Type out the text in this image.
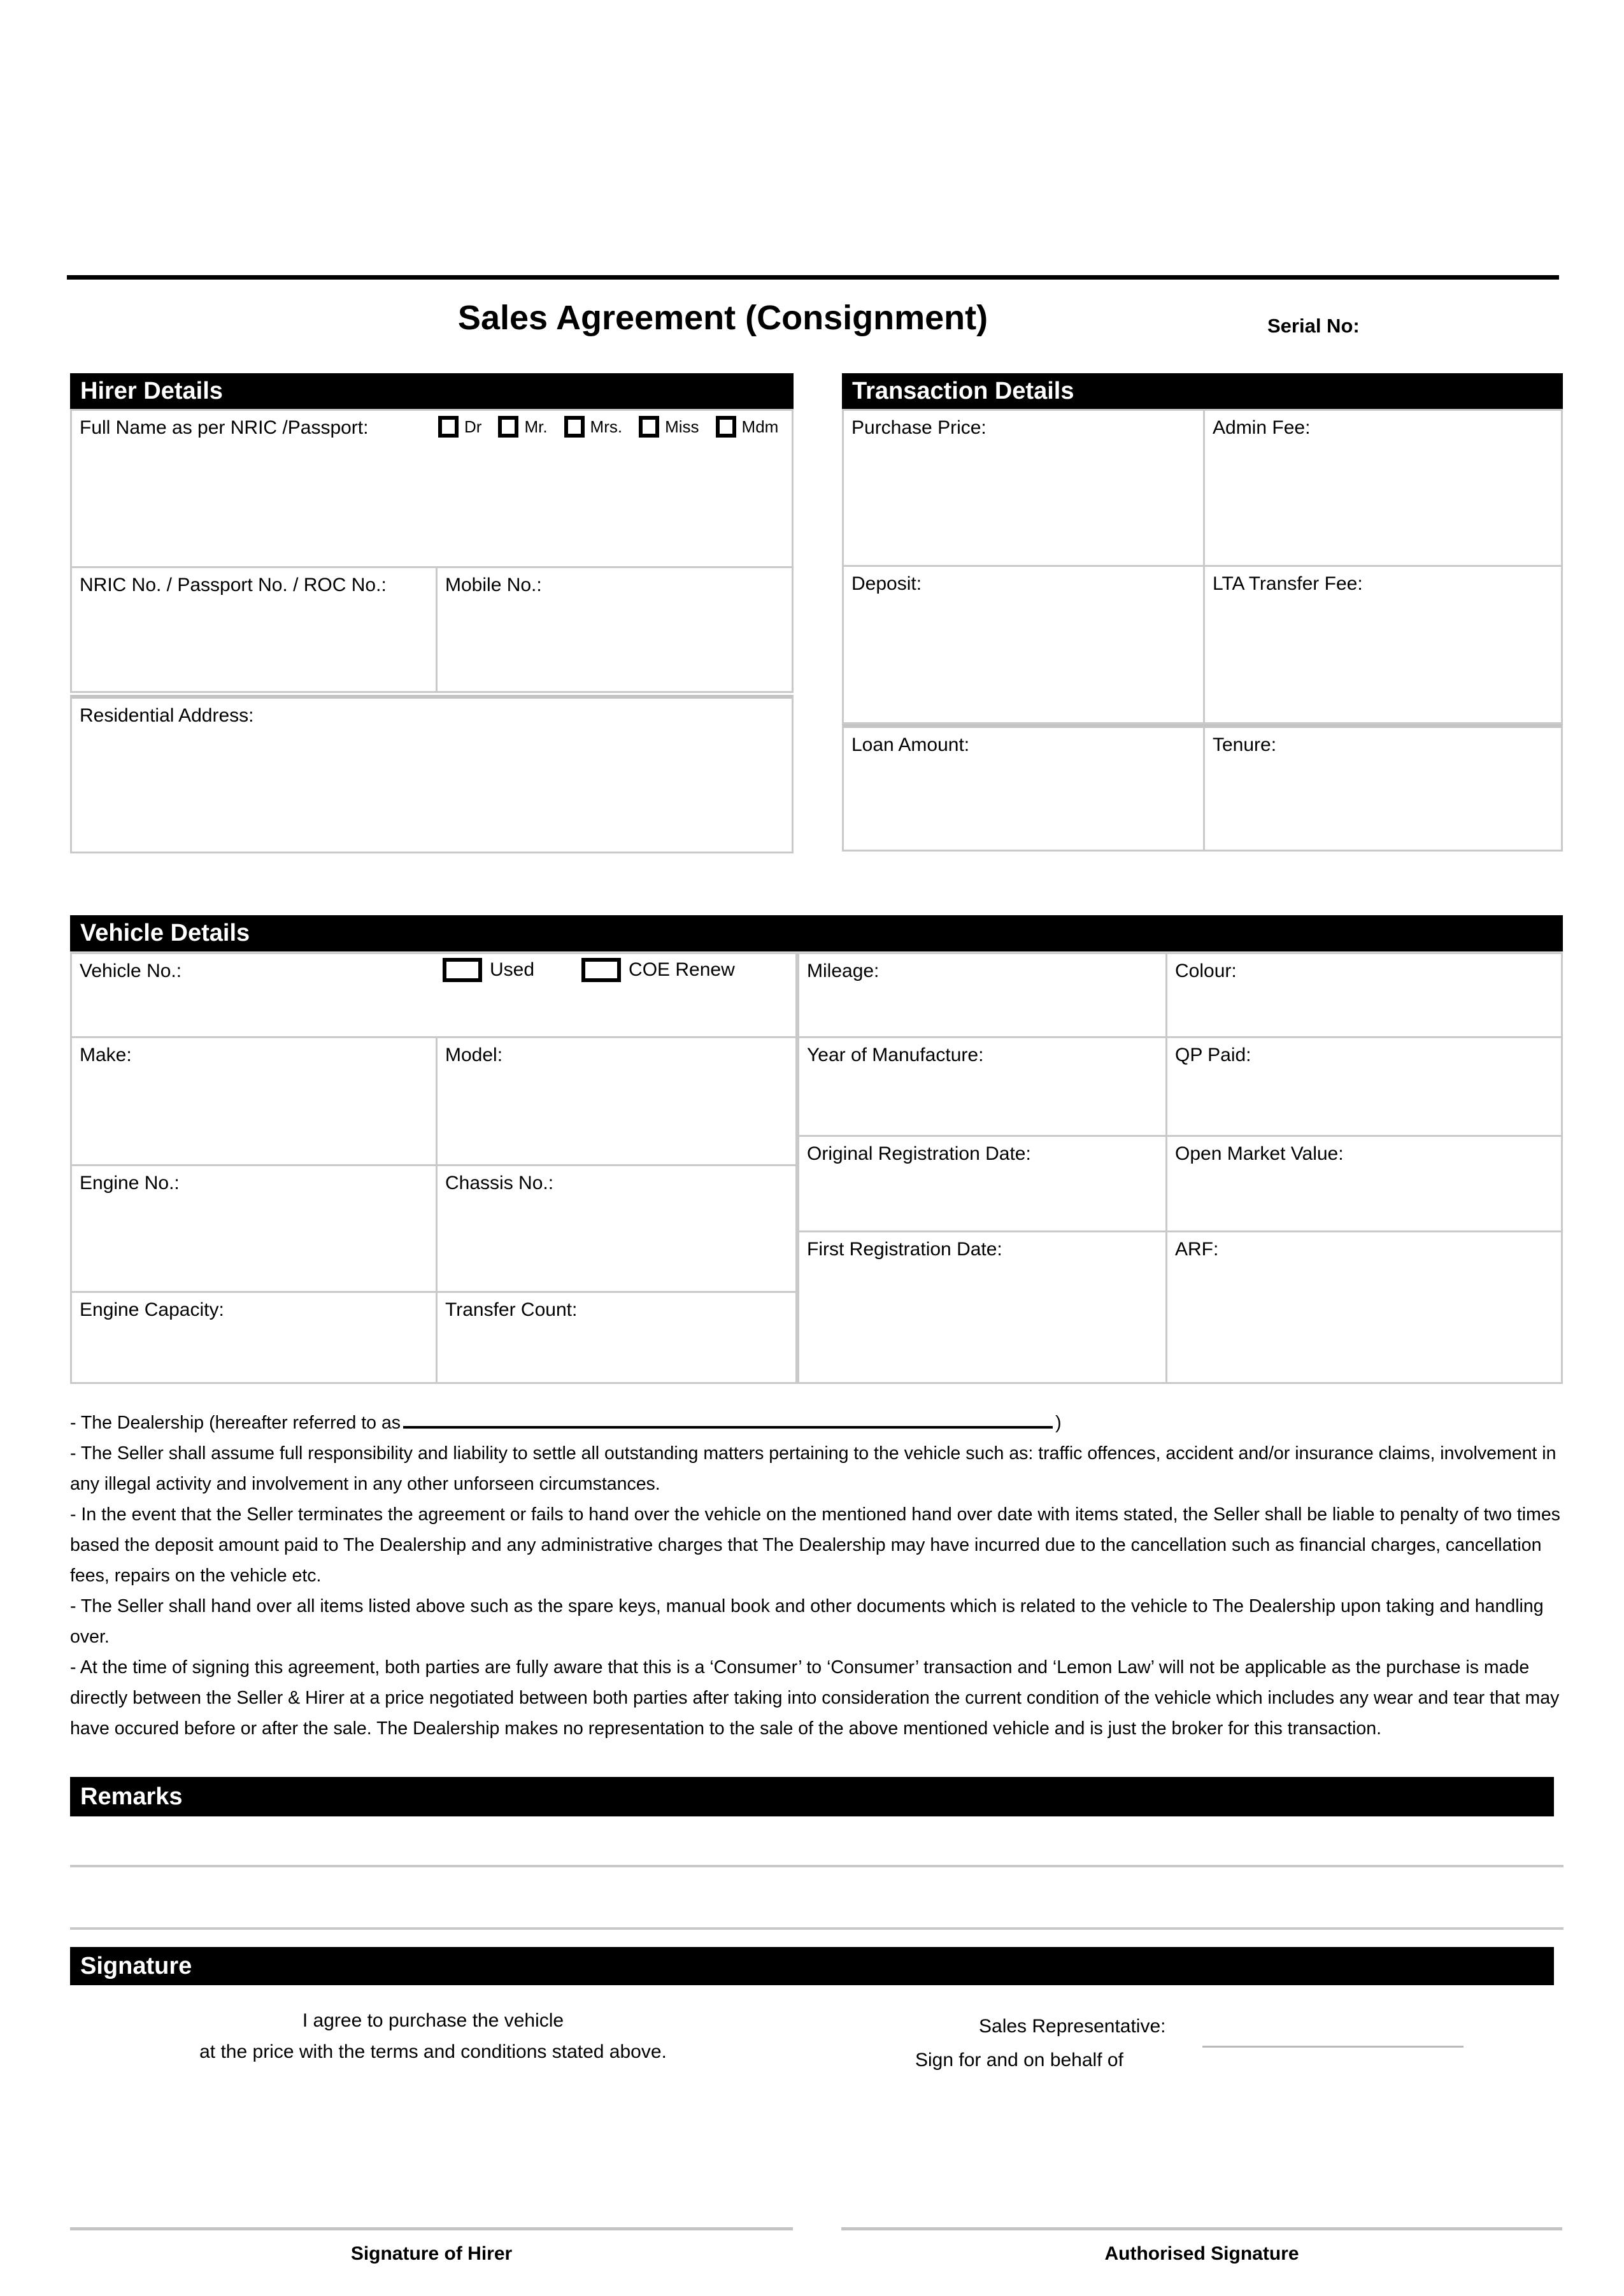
Sales Agreement (Consignment)	Serial No:
Hirer Details	Transaction Details
Full Name as per NRIC /Passport:	Dr	Mr.	Mrs.	Miss	Mdm
NRIC No. / Passport No. / ROC No.:	Mobile No.:
Residential Address:
Purchase Price:	Admin Fee:
Deposit:	LTA Transfer Fee:
Loan Amount:	Tenure:
Vehicle Details
Vehicle No.:	Used	COE Renew
Make:	Model:
Engine No.:	Chassis No.:
Engine Capacity:	Transfer Count:
Mileage:	Colour:
Year of Manufacture:	QP Paid:
Original Registration Date:	Open Market Value:
First Registration Date:	ARF:

- The Dealership (hereafter referred to as	)

- The Seller shall assume full responsibility and liability to settle all outstanding matters pertaining to the vehicle such as: traffic offences, accident and/or insurance claims, involvement in any illegal activity and involvement in any other unforseen circumstances.

- In the event that the Seller terminates the agreement or fails to hand over the vehicle on the mentioned hand over date with items stated, the Seller shall be liable to penalty of two times based the deposit amount paid to The Dealership and any administrative charges that The Dealership may have incurred due to the cancellation such as financial charges, cancellation fees, repairs on the vehicle etc.

- The Seller shall hand over all items listed above such as the spare keys, manual book and other documents which is related to the vehicle to The Dealership upon taking and handling over.

- At the time of signing this agreement, both parties are fully aware that this is a ‘Consumer’ to ‘Consumer’ transaction and ‘Lemon Law’ will not be applicable as the purchase is made directly between the Seller & Hirer at a price negotiated between both parties after taking into consideration the current condition of the vehicle which includes any wear and tear that may have occured before or after the sale. The Dealership makes no representation to the sale of the above mentioned vehicle and is just the broker for this transaction.

Remarks
Signature
I agree to purchase the vehicle
at the price with the terms and conditions stated above.
Sales Representative:
Sign for and on behalf of
Signature of Hirer	Authorised Signature
